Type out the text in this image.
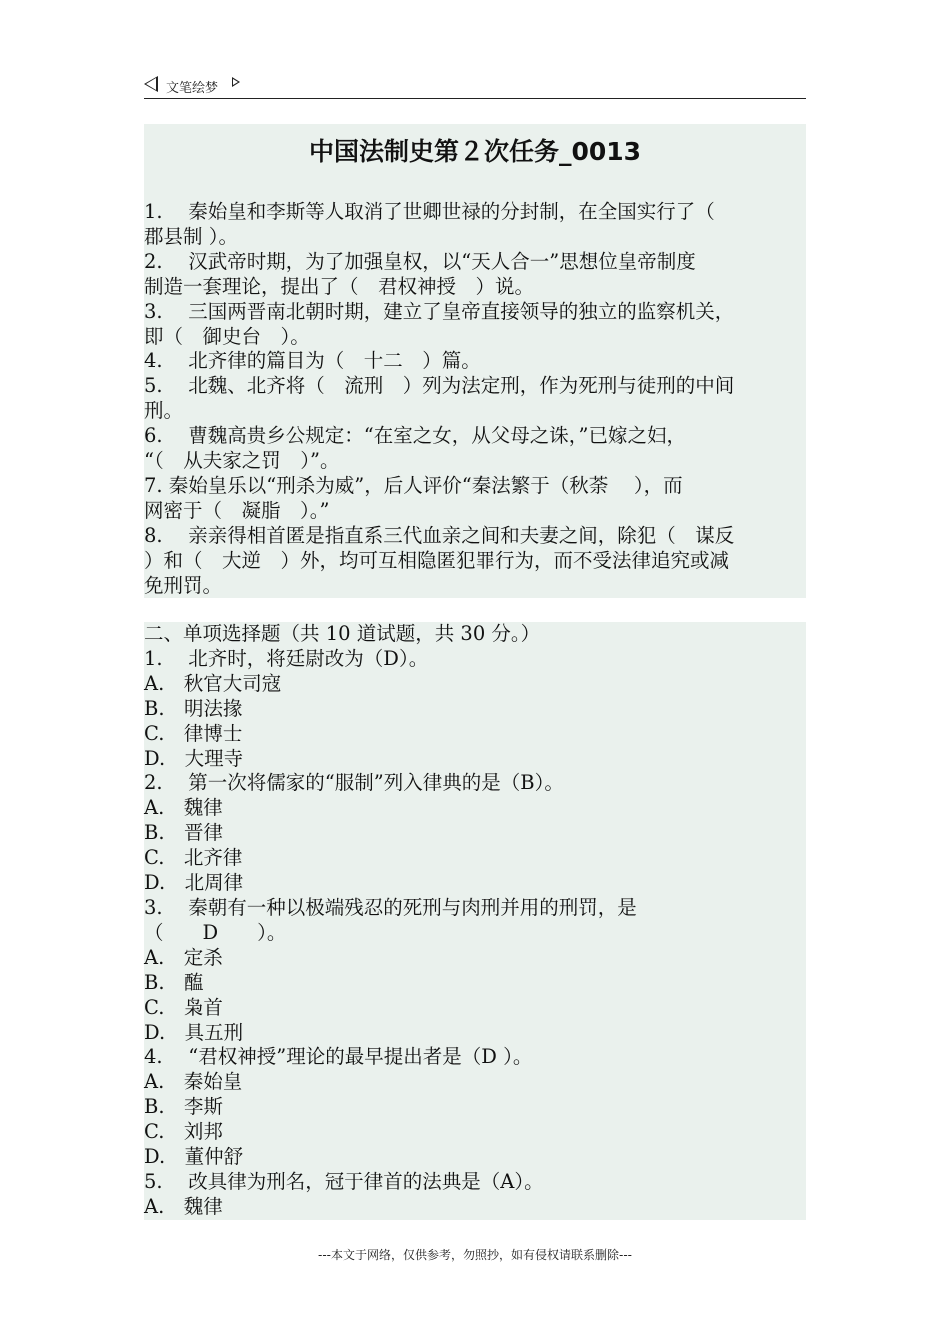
文笔绘梦
中国法制史第２次任务_0013
1.　 秦始皇和李斯等人取消了世卿世禄的分封制，在全国实行了（
郡县制 ）。
2.　 汉武帝时期，为了加强皇权，以“天人合一”思想位皇帝制度
制造一套理论，提出了（　君权神授　）说。
3.　 三国两晋南北朝时期，建立了皇帝直接领导的独立的监察机关，
即（　御史台　）。
4.　 北齐律的篇目为（　十二　）篇。
5.　 北魏、北齐将（　流刑　）列为法定刑，作为死刑与徒刑的中间
刑。
6.　 曹魏高贵乡公规定：“在室之女，从父母之诛，”已嫁之妇，
“（　从夫家之罚　）”。
7. 秦始皇乐以“刑杀为威”，后人评价“秦法繁于（秋荼　 ），而
网密于（　凝脂　）。”
8.　 亲亲得相首匿是指直系三代血亲之间和夫妻之间，除犯（　谋反
）和（　大逆　）外，均可互相隐匿犯罪行为，而不受法律追究或减
免刑罚。
二、单项选择题（共 10 道试题，共 30 分。）
1.　 北齐时，将廷尉改为（D）。
A.　秋官大司寇
B.　明法掾
C.　律博士
D.　大理寺
2.　 第一次将儒家的“服制”列入律典的是（B）。
A.　魏律
B.　晋律
C.　北齐律
D.　北周律
3.　 秦朝有一种以极端残忍的死刑与肉刑并用的刑罚，是
（　　D　　）。
A.　定杀
B.　醢
C.　枭首
D.　具五刑
4.　 “君权神授”理论的最早提出者是（D ）。
A.　秦始皇
B.　李斯
C.　刘邦
D.　董仲舒
5.　 改具律为刑名，冠于律首的法典是（A）。
A.　魏律
---本文于网络，仅供参考，勿照抄，如有侵权请联系删除---
